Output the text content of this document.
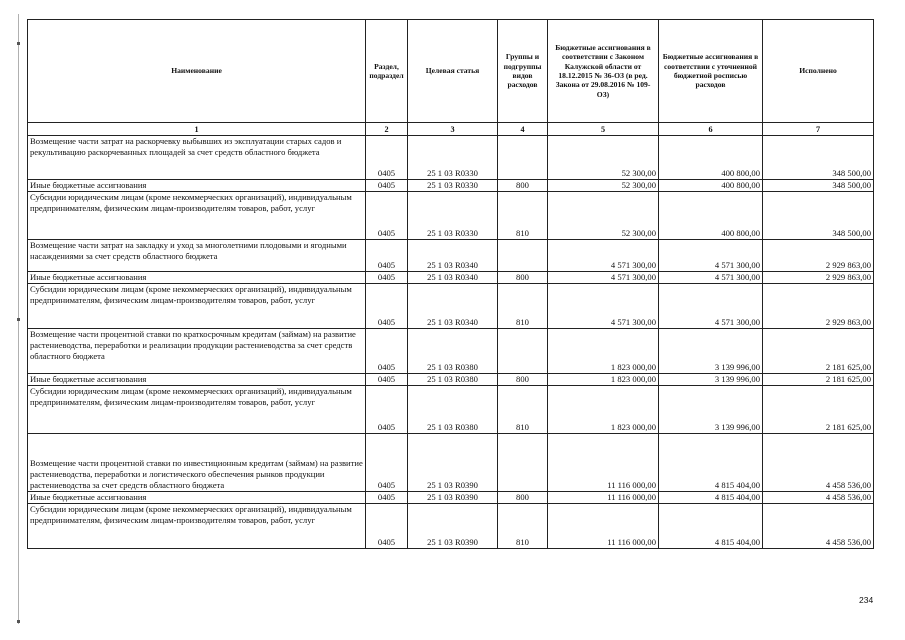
Наименование	Раздел, подраздел	Целевая статья	Группы и подгруппы видов расходов	Бюджетные ассигнования в соответствии с Законом Калужской области от 18.12.2015 № 36-ОЗ (в ред. Закона от 29.08.2016 № 109-ОЗ)	Бюджетные ассигнования в соответствии с уточненной бюджетной росписью расходов	Исполнено
1	2	3	4	5	6	7
Возмещение части затрат на раскорчевку выбывших из эксплуатации старых садов и рекультивацию раскорчеванных площадей за счет средств областного бюджета	0405	25 1 03 R0330		52 300,00	400 800,00	348 500,00
Иные бюджетные ассигнования	0405	25 1 03 R0330	800	52 300,00	400 800,00	348 500,00
Субсидии юридическим лицам (кроме некоммерческих организаций), индивидуальным предпринимателям, физическим лицам-производителям товаров, работ, услуг	0405	25 1 03 R0330	810	52 300,00	400 800,00	348 500,00
Возмещение части затрат на закладку и уход за многолетними плодовыми и ягодными насаждениями за счет средств областного бюджета	0405	25 1 03 R0340		4 571 300,00	4 571 300,00	2 929 863,00
Иные бюджетные ассигнования	0405	25 1 03 R0340	800	4 571 300,00	4 571 300,00	2 929 863,00
Субсидии юридическим лицам (кроме некоммерческих организаций), индивидуальным предпринимателям, физическим лицам-производителям товаров, работ, услуг	0405	25 1 03 R0340	810	4 571 300,00	4 571 300,00	2 929 863,00
Возмещение части процентной ставки по краткосрочным кредитам (займам) на развитие растениеводства, переработки и реализации продукции растениеводства за счет средств областного бюджета	0405	25 1 03 R0380		1 823 000,00	3 139 996,00	2 181 625,00
Иные бюджетные ассигнования	0405	25 1 03 R0380	800	1 823 000,00	3 139 996,00	2 181 625,00
Субсидии юридическим лицам (кроме некоммерческих организаций), индивидуальным предпринимателям, физическим лицам-производителям товаров, работ, услуг	0405	25 1 03 R0380	810	1 823 000,00	3 139 996,00	2 181 625,00
Возмещение части процентной ставки по инвестиционным кредитам (займам) на развитие растениеводства, переработки и логистического обеспечения рынков продукции растениеводства за счет средств областного бюджета	0405	25 1 03 R0390		11 116 000,00	4 815 404,00	4 458 536,00
Иные бюджетные ассигнования	0405	25 1 03 R0390	800	11 116 000,00	4 815 404,00	4 458 536,00
Субсидии юридическим лицам (кроме некоммерческих организаций), индивидуальным предпринимателям, физическим лицам-производителям товаров, работ, услуг	0405	25 1 03 R0390	810	11 116 000,00	4 815 404,00	4 458 536,00
234
